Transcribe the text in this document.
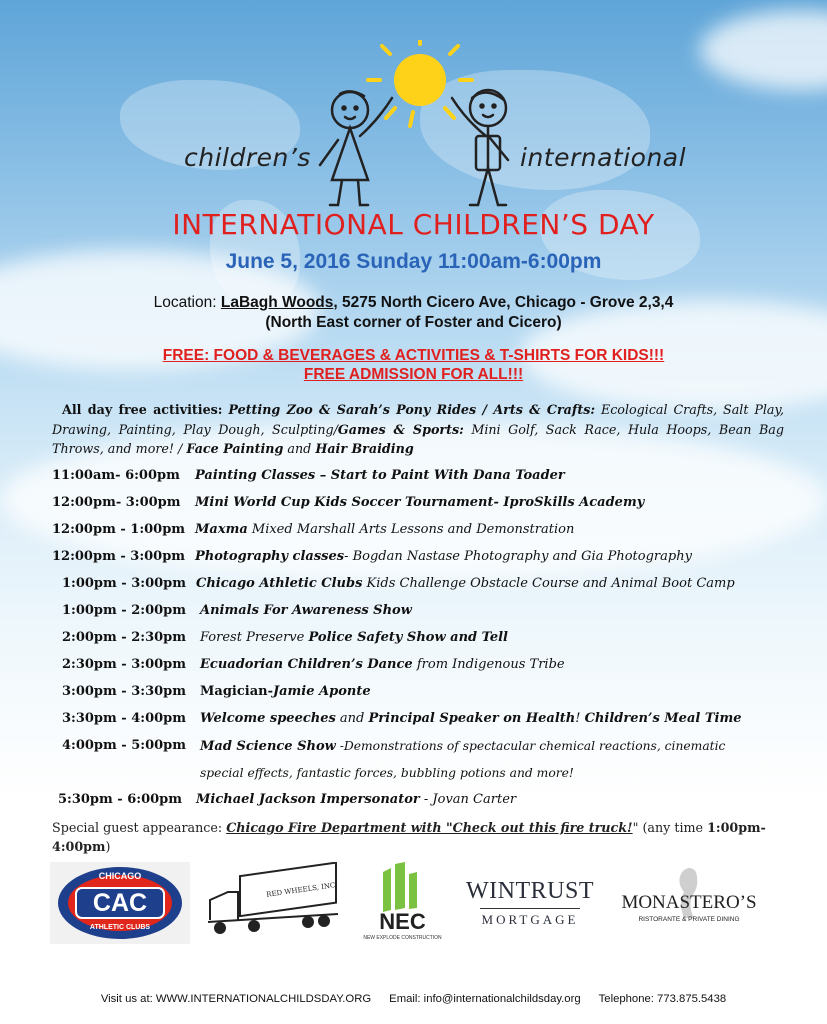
children’s	international
INTERNATIONAL CHILDREN’S DAY
June 5, 2016 Sunday 11:00am-6:00pm
Location: LaBagh Woods, 5275 North Cicero Ave, Chicago - Grove 2,3,4
(North East corner of Foster and Cicero)
FREE: FOOD & BEVERAGES & ACTIVITIES & T-SHIRTS FOR KIDS!!!
FREE ADMISSION FOR ALL!!!
All day free activities: Petting Zoo & Sarah’s Pony Rides / Arts & Crafts: Ecological Crafts, Salt Play, Drawing, Painting, Play Dough, Sculpting/Games & Sports: Mini Golf, Sack Race, Hula Hoops, Bean Bag Throws, and more! / Face Painting and Hair Braiding
11:00am- 6:00pm Painting Classes – Start to Paint With Dana Toader
12:00pm- 3:00pm Mini World Cup Kids Soccer Tournament- IproSkills Academy
12:00pm - 1:00pm Maxma Mixed Marshall Arts Lessons and Demonstration
12:00pm - 3:00pm Photography classes- Bogdan Nastase Photography and Gia Photography
1:00pm - 3:00pm Chicago Athletic Clubs Kids Challenge Obstacle Course and Animal Boot Camp
1:00pm - 2:00pm Animals For Awareness Show
2:00pm - 2:30pm Forest Preserve Police Safety Show and Tell
2:30pm - 3:00pm Ecuadorian Children’s Dance from Indigenous Tribe
3:00pm - 3:30pm Magician-Jamie Aponte
3:30pm - 4:00pm Welcome speeches and Principal Speaker on Health! Children’s Meal Time
4:00pm - 5:00pm Mad Science Show -Demonstrations of spectacular chemical reactions, cinematic special effects, fantastic forces, bubbling potions and more!
5:30pm - 6:00pm Michael Jackson Impersonator - Jovan Carter
Special guest appearance: Chicago Fire Department with "Check out this fire truck!" (any time 1:00pm-4:00pm)
CHICAGO
CAC
ATHLETIC CLUBS
RED WHEELS, INC
NEC
NEW EXPLODE CONSTRUCTION
WINTRUST
MORTGAGE
MONASTERO’S
RISTORANTE & PRIVATE DINING
Visit us at: WWW.INTERNATIONALCHILDSDAY.ORG Email: info@internationalchildsday.org Telephone: 773.875.5438
